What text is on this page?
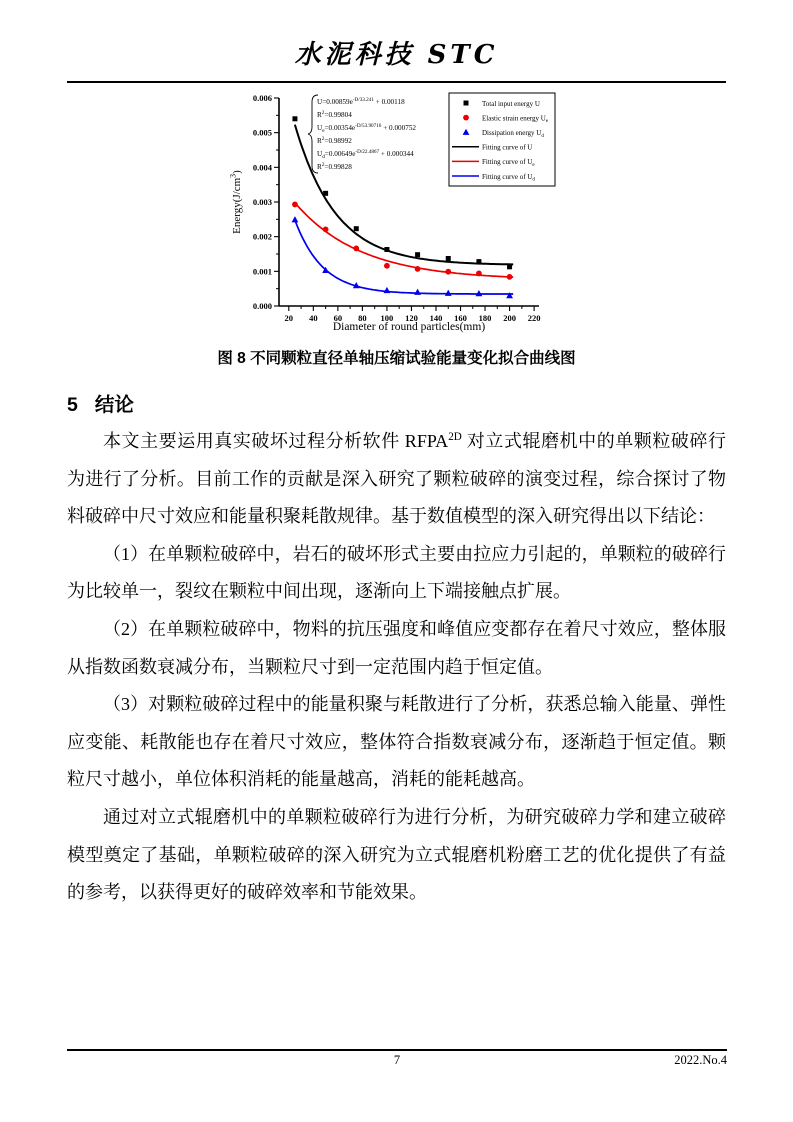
水泥科技 STC
20 40 60 80 100 120 140 160 180 200 220
0.000
0.001
0.002
0.003
0.004
0.005
0.006
Diameter of round particles(mm)
$Energy(J/cm^3)$
$U=0.00859e^{-D/33.241} + 0.00118$
$R^2=0.99804$
$U_e=0.00354e^{-D/53.90716} + 0.000752$
$R^2=0.98992$
$U_d=0.00649e^{-D/22.4867} + 0.000344$
$R^2=0.99828$
Total input energy U
Elastic strain energy $U_e$
Dissipation energy $U_d$
Fitting curve of U
Fitting curve of $U_e$
Fitting curve of $U_d$
图 8 不同颗粒直径单轴压缩试验能量变化拟合曲线图
5 结论

本文主要运用真实破坏过程分析软件 $RFPA^{2D}$ 对立式辊磨机中的单颗粒破碎行为进行了分析。目前工作的贡献是深入研究了颗粒破碎的演变过程，综合探讨了物料破碎中尺寸效应和能量积聚耗散规律。基于数值模型的深入研究得出以下结论：

（1）在单颗粒破碎中，岩石的破坏形式主要由拉应力引起的，单颗粒的破碎行为比较单一，裂纹在颗粒中间出现，逐渐向上下端接触点扩展。

（2）在单颗粒破碎中，物料的抗压强度和峰值应变都存在着尺寸效应，整体服从指数函数衰减分布，当颗粒尺寸到一定范围内趋于恒定值。

（3）对颗粒破碎过程中的能量积聚与耗散进行了分析，获悉总输入能量、弹性应变能、耗散能也存在着尺寸效应，整体符合指数衰减分布，逐渐趋于恒定值。颗粒尺寸越小，单位体积消耗的能量越高，消耗的能耗越高。

通过对立式辊磨机中的单颗粒破碎行为进行分析，为研究破碎力学和建立破碎模型奠定了基础，单颗粒破碎的深入研究为立式辊磨机粉磨工艺的优化提供了有益的参考，以获得更好的破碎效率和节能效果。

7	2022.No.4
